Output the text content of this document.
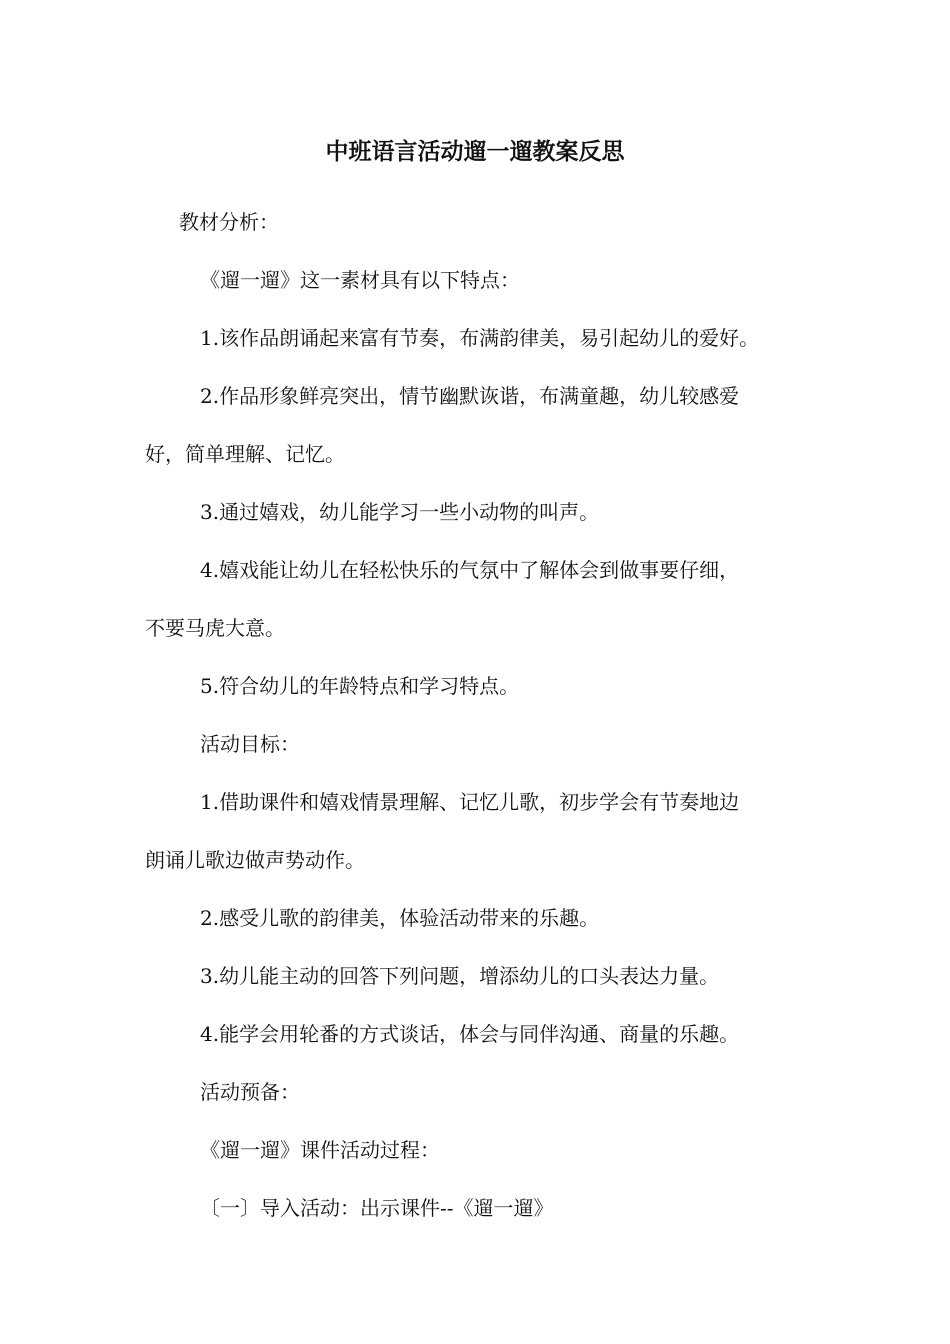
中班语言活动遛一遛教案反思
教材分析：
《遛一遛》这一素材具有以下特点：
1.该作品朗诵起来富有节奏，布满韵律美，易引起幼儿的爱好。
2.作品形象鲜亮突出，情节幽默诙谐，布满童趣，幼儿较感爱
好，简单理解、记忆。
3.通过嬉戏，幼儿能学习一些小动物的叫声。
4.嬉戏能让幼儿在轻松快乐的气氛中了解体会到做事要仔细，
不要马虎大意。
5.符合幼儿的年龄特点和学习特点。
活动目标：
1.借助课件和嬉戏情景理解、记忆儿歌，初步学会有节奏地边
朗诵儿歌边做声势动作。
2.感受儿歌的韵律美，体验活动带来的乐趣。
3.幼儿能主动的回答下列问题，增添幼儿的口头表达力量。
4.能学会用轮番的方式谈话，体会与同伴沟通、商量的乐趣。
活动预备：
《遛一遛》课件活动过程：
〔一〕导入活动：出示课件--《遛一遛》
